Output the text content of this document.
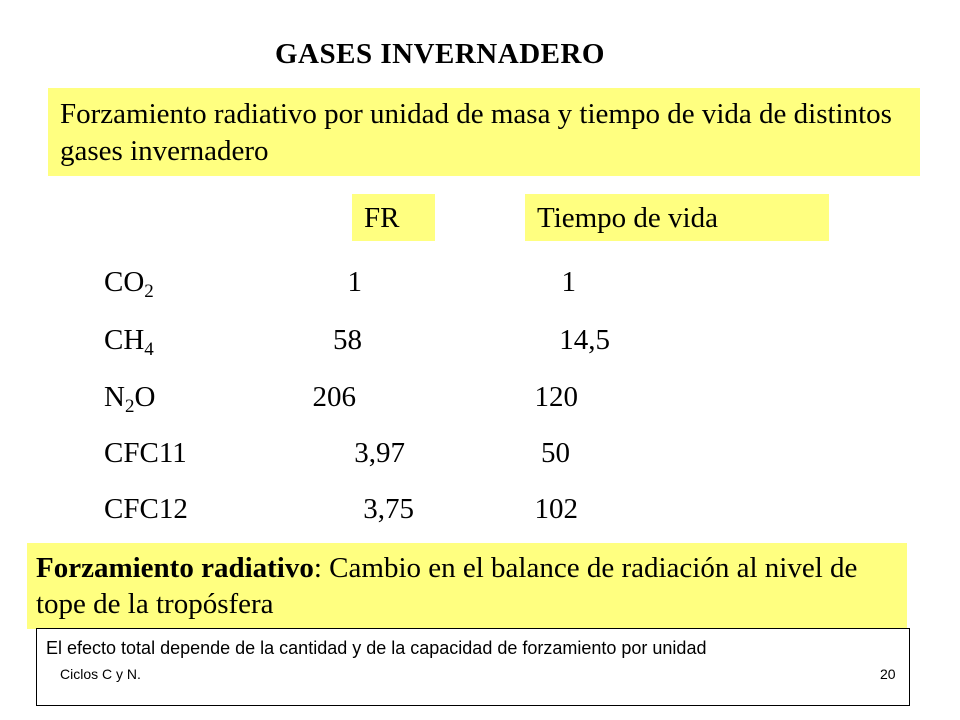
GASES INVERNADERO
Forzamiento radiativo por unidad de masa y tiempo de vida de distintos gases invernadero
FR	Tiempo de vida
$CO_2$	1	1
$CH_4$	58	14,5
$N_2O$	206	120
CFC11	3,97	50
CFC12	3,75	102
Forzamiento radiativo: Cambio en el balance de radiación al nivel de tope de la tropósfera
El efecto total depende de la cantidad y de la capacidad de forzamiento por unidad
Ciclos C y N.	20
